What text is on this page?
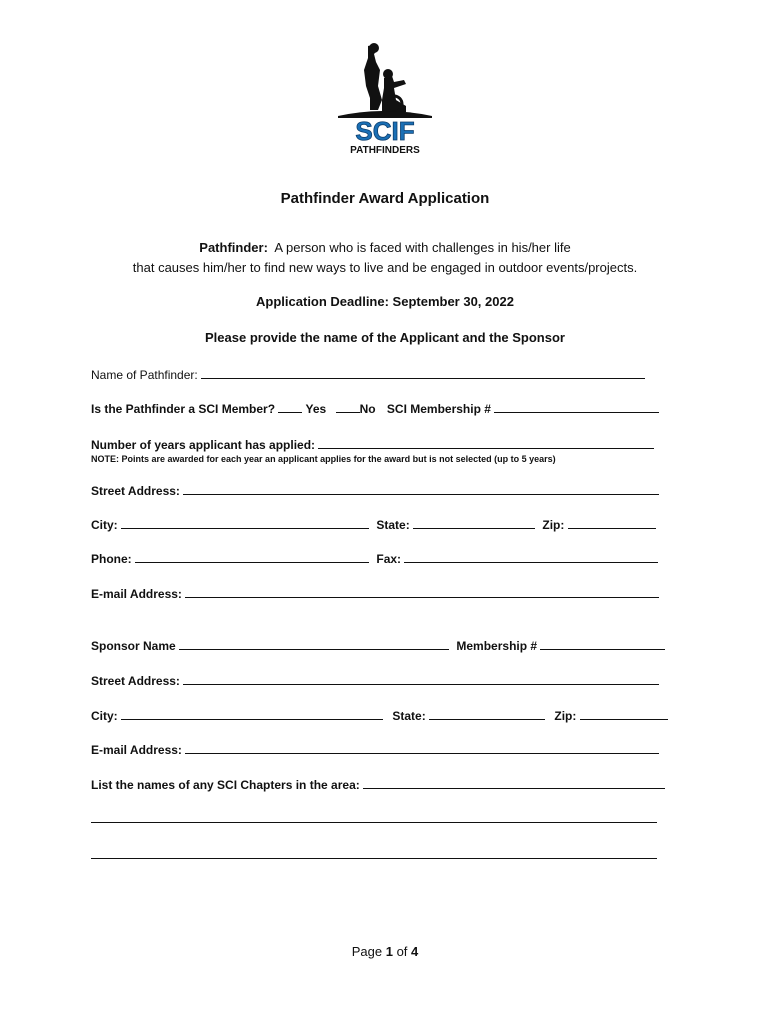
SCIF
PATHFINDERS
Pathfinder Award Application
Pathfinder: A person who is faced with challenges in his/her life
that causes him/her to find new ways to live and be engaged in outdoor events/projects.
Application Deadline: September 30, 2022
Please provide the name of the Applicant and the Sponsor
Name of Pathfinder:
Is the Pathfinder a SCI Member?	Yes	No SCI Membership #
Number of years applicant has applied:
NOTE: Points are awarded for each year an applicant applies for the award but is not selected (up to 5 years)
Street Address:
City:	State:	Zip:
Phone:	Fax:
E-mail Address:
Sponsor Name	Membership #
Street Address:
City:	State:	Zip:
E-mail Address:
List the names of any SCI Chapters in the area:
Page 1 of 4
